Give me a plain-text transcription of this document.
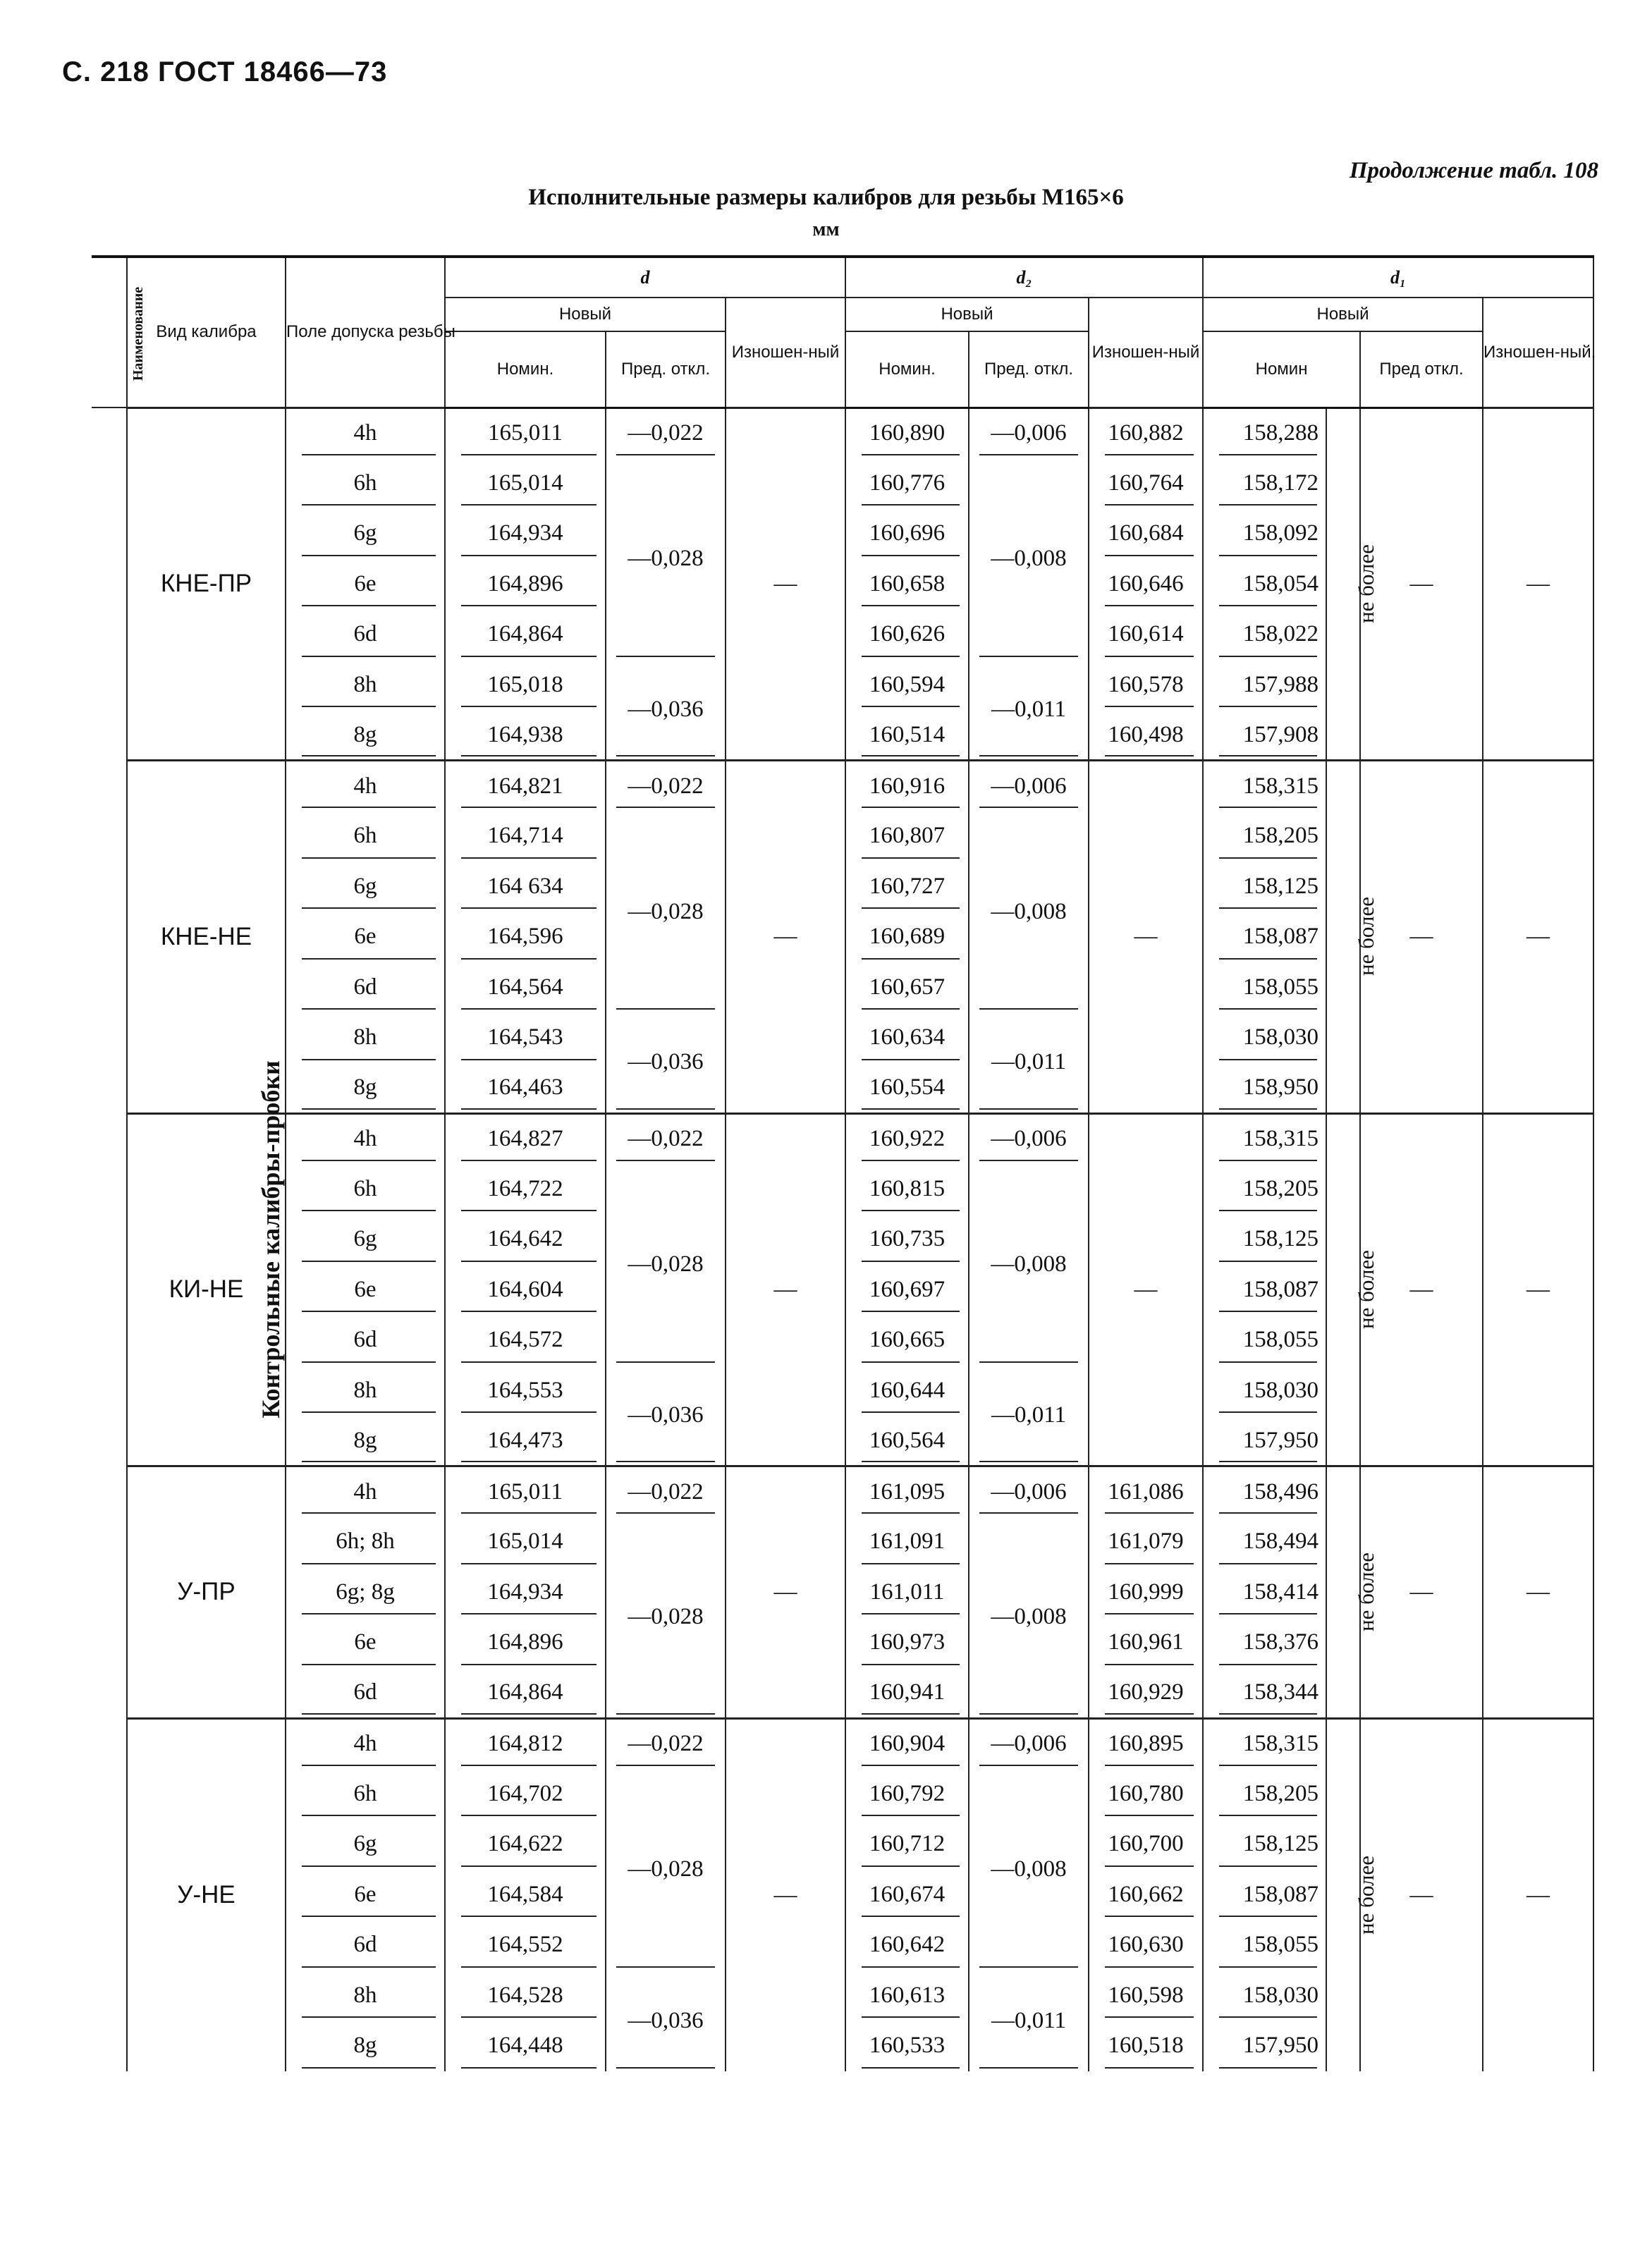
С. 218 ГОСТ 18466—73
Продолжение табл. 108
Исполнительные размеры калибров для резьбы М165×6
мм
Наименование	Вид калибра	Поле допуска резьбы	d			d₂			d₁			
			Новый		Изношен-ный	Новый		Изношен-ный	Новый			Изношен-ный,
			Номин.	Пред. откл.		Номин.	Пред. откл.		Номин		Пред откл.	
Контрольные калибры-пробки	КНЕ-ПР	4h	165,011	—0,022	—	160,890	—0,006	160,882	158,288	не более	—	—
		6h	165,014	—0,028		160,776	—0,008	160,764	158,172			
		6g	164,934			160,696		160,684	158,092			
		6e	164,896			160,658		160,646	158,054			
		6d	164,864			160,626		160,614	158,022			
		8h	165,018	—0,036		160,594	—0,011	160,578	157,988			
		8g	164,938			160,514		160,498	157,908			
	КНЕ-НЕ	4h	164,821	—0,022	—	160,916	—0,006	—	158,315	не более	—	—
		6h	164,714	—0,028		160,807	—0,008		158,205			
		6g	164 634			160,727			158,125			
		6e	164,596			160,689			158,087			
		6d	164,564			160,657			158,055			
		8h	164,543	—0,036		160,634	—0,011		158,030			
		8g	164,463			160,554			158,950			
	КИ-НЕ	4h	164,827	—0,022	—	160,922	—0,006	—	158,315	не более	—	—
		6h	164,722	—0,028		160,815	—0,008		158,205			
		6g	164,642			160,735			158,125			
		6e	164,604			160,697			158,087			
		6d	164,572			160,665			158,055			
		8h	164,553	—0,036		160,644	—0,011		158,030			
		8g	164,473			160,564			157,950			
	У-ПР	4h	165,011	—0,022	—	161,095	—0,006	161,086	158,496	не более	—	—
		6h; 8h	165,014	—0,028		161,091	—0,008	161,079	158,494			
		6g; 8g	164,934			161,011		160,999	158,414			
		6e	164,896			160,973		160,961	158,376			
		6d	164,864			160,941		160,929	158,344			
	У-НЕ	4h	164,812	—0,022	—	160,904	—0,006	160,895	158,315	не более	—	—
		6h	164,702	—0,028		160,792	—0,008	160,780	158,205			
		6g	164,622			160,712		160,700	158,125			
		6e	164,584			160,674		160,662	158,087			
		6d	164,552			160,642		160,630	158,055			
		8h	164,528	—0,036		160,613	—0,011	160,598	158,030			
		8g	164,448			160,533		160,518	157,950			
